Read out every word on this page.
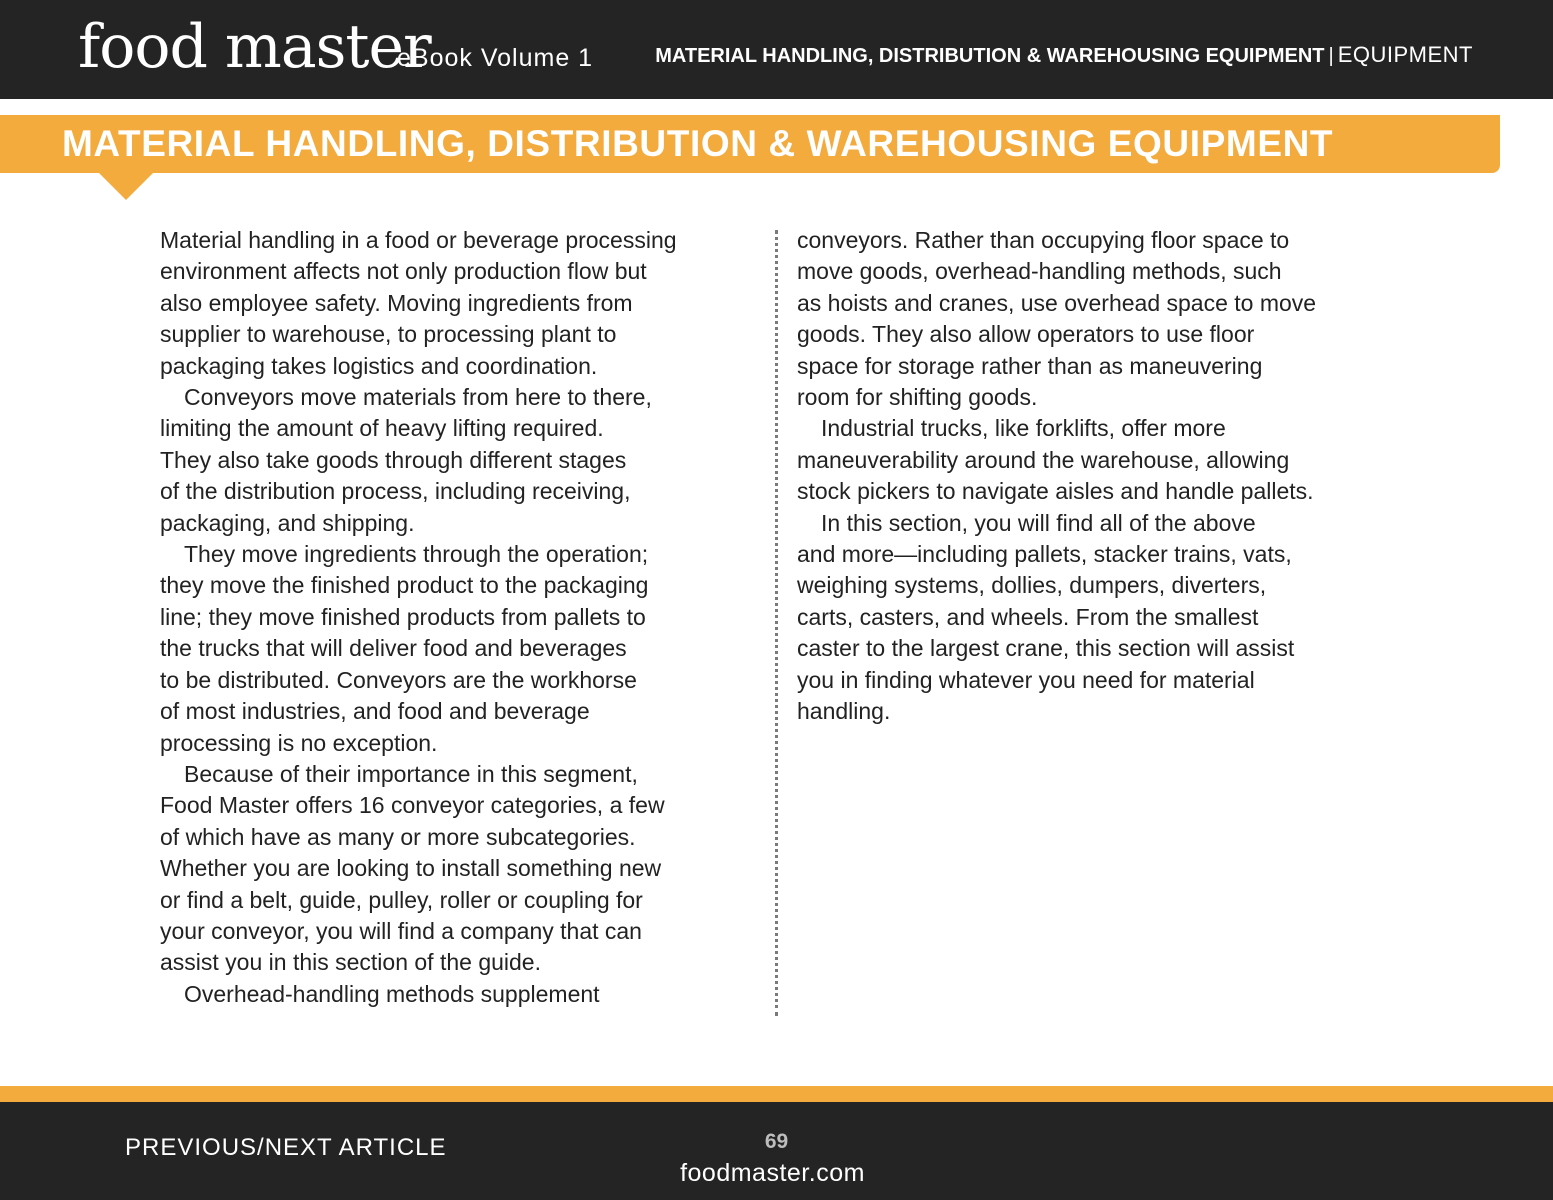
food master
eBook Volume 1	MATERIAL HANDLING, DISTRIBUTION & WAREHOUSING EQUIPMENT | EQUIPMENT
MATERIAL HANDLING, DISTRIBUTION & WAREHOUSING EQUIPMENT

Material handling in a food or beverage processing
environment affects not only production flow but
also employee safety. Moving ingredients from
supplier to warehouse, to processing plant to
packaging takes logistics and coordination.

Conveyors move materials from here to there,
limiting the amount of heavy lifting required.
They also take goods through different stages
of the distribution process, including receiving,
packaging, and shipping.

They move ingredients through the operation;
they move the finished product to the packaging
line; they move finished products from pallets to
the trucks that will deliver food and beverages
to be distributed. Conveyors are the workhorse
of most industries, and food and beverage
processing is no exception.

Because of their importance in this segment,
Food Master offers 16 conveyor categories, a few
of which have as many or more subcategories.
Whether you are looking to install something new
or find a belt, guide, pulley, roller or coupling for
your conveyor, you will find a company that can
assist you in this section of the guide.

Overhead-handling methods supplement

conveyors. Rather than occupying floor space to
move goods, overhead-handling methods, such
as hoists and cranes, use overhead space to move
goods. They also allow operators to use floor
space for storage rather than as maneuvering
room for shifting goods.

Industrial trucks, like forklifts, offer more
maneuverability around the warehouse, allowing
stock pickers to navigate aisles and handle pallets.

In this section, you will find all of the above
and more—including pallets, stacker trains, vats,
weighing systems, dollies, dumpers, diverters,
carts, casters, and wheels. From the smallest
caster to the largest crane, this section will assist
you in finding whatever you need for material
handling.

PREVIOUS/NEXT ARTICLE	69
foodmaster.com
